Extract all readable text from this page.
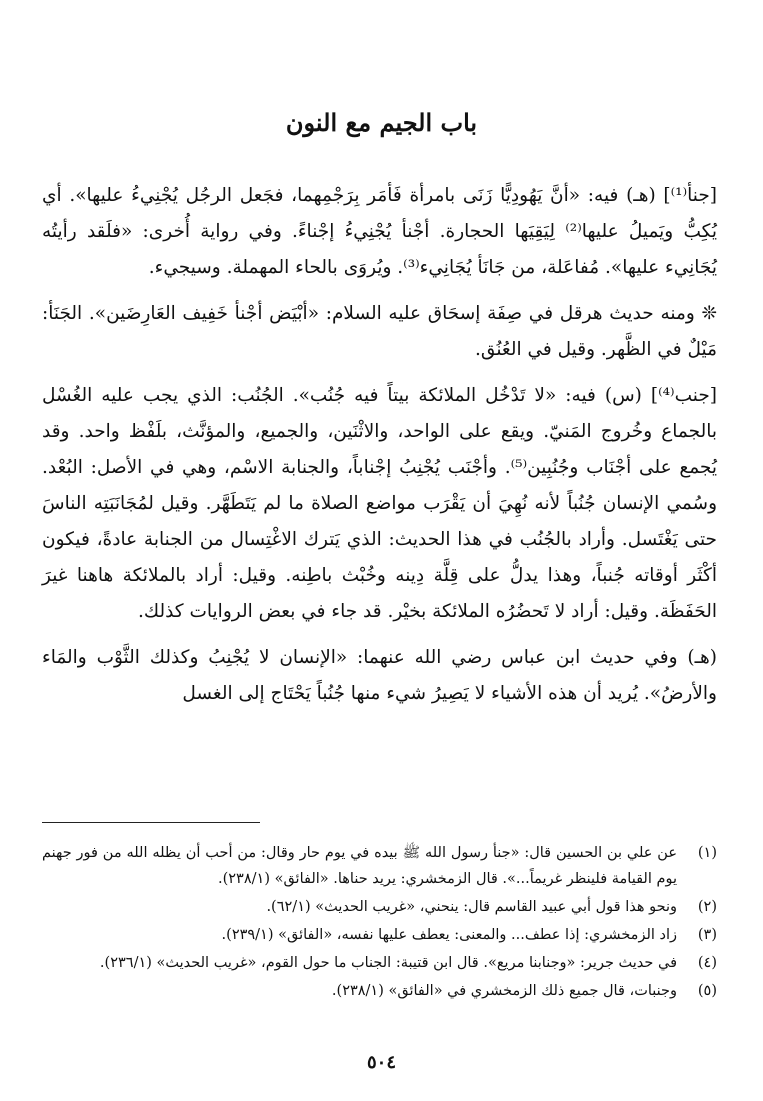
باب الجيم مع النون

[جنأ⁽¹⁾] (هـ) فيه: «أنَّ يَهُودِيًّا زَنَى بامرأة فَأمَر بِرَجْمِهما، فجَعل الرجُل يُجْنِيءُ عليها». أي يُكِبُّ ويَميلُ عليها⁽²⁾ لِيَقِيَها الحجارة. أجْنأ يُجْنِيءُ إجْناءً. وفي رواية أُخرى: «فلَقد رأيتُه يُجَانِيء عليها». مُفاعَلة، من جَانَأ يُجَانِيء⁽³⁾. ويُروَى بالحاء المهملة. وسيجيء.

❊ ومنه حديث هرقل في صِفَة إسحَاق عليه السلام: «أبْيَض أجْنأ خَفِيف العَارِضَين». الجَنَأ: مَيْلٌ في الظَّهر. وقيل في العُنُق.

[جنب⁽⁴⁾] (س) فيه: «لا تَدْخُل الملائكة بيتاً فيه جُنُب». الجُنُب: الذي يجب عليه الغُسْل بالجماع وخُروج المَنيّ. ويقع على الواحد، والاثْنَين، والجميع، والمؤنَّث، بلَفْظ واحد. وقد يُجمع على أجْنَاب وجُنُبِين⁽⁵⁾. وأجْنَب يُجْنِبُ إجْناباً، والجنابة الاسْم، وهي في الأصل: البُعْد. وسُمي الإنسان جُنُباً لأنه نُهِيَ أن يَقْرَب مواضع الصلاة ما لم يَتَطَهَّر. وقيل لمُجَانَبَتِه الناسَ حتى يَغْتَسل. وأراد بالجُنُب في هذا الحديث: الذي يَترك الاغْتِسال من الجنابة عادةً، فيكون أكْثَر أوقاته جُنباً، وهذا يدلُّ على قِلَّة دِينه وخُبْث باطِنه. وقيل: أراد بالملائكة هاهنا غيرَ الحَفَظَة. وقيل: أراد لا تَحضُرُه الملائكة بخيْر. قد جاء في بعض الروايات كذلك.

(هـ) وفي حديث ابن عباس رضي الله عنهما: «الإنسان لا يُجْنِبُ وكذلك الثَّوْب والمَاء والأرضُ». يُريد أن هذه الأشياء لا يَصِيرُ شيء منها جُنُباً يَحْتَاج إلى الغسل

(١)
عن علي بن الحسين قال: «جنأ رسول الله ﷺ بيده في يوم حار وقال: من أحب أن يظله الله من فور جهنم يوم القيامة فلينظر غريماً...». قال الزمخشري: يريد حناها. «الفائق» (٢٣٨/١).
(٢)
ونحو هذا قول أبي عبيد القاسم قال: ينحني، «غريب الحديث» (٦٢/١).
(٣)
زاد الزمخشري: إذا عطف... والمعنى: يعطف عليها نفسه، «الفائق» (٢٣٩/١).
(٤)
في حديث جرير: «وجنابنا مريع». قال ابن قتيبة: الجناب ما حول القوم، «غريب الحديث» (٢٣٦/١).
(٥)
وجنبات، قال جميع ذلك الزمخشري في «الفائق» (٢٣٨/١).
٥٠٤
